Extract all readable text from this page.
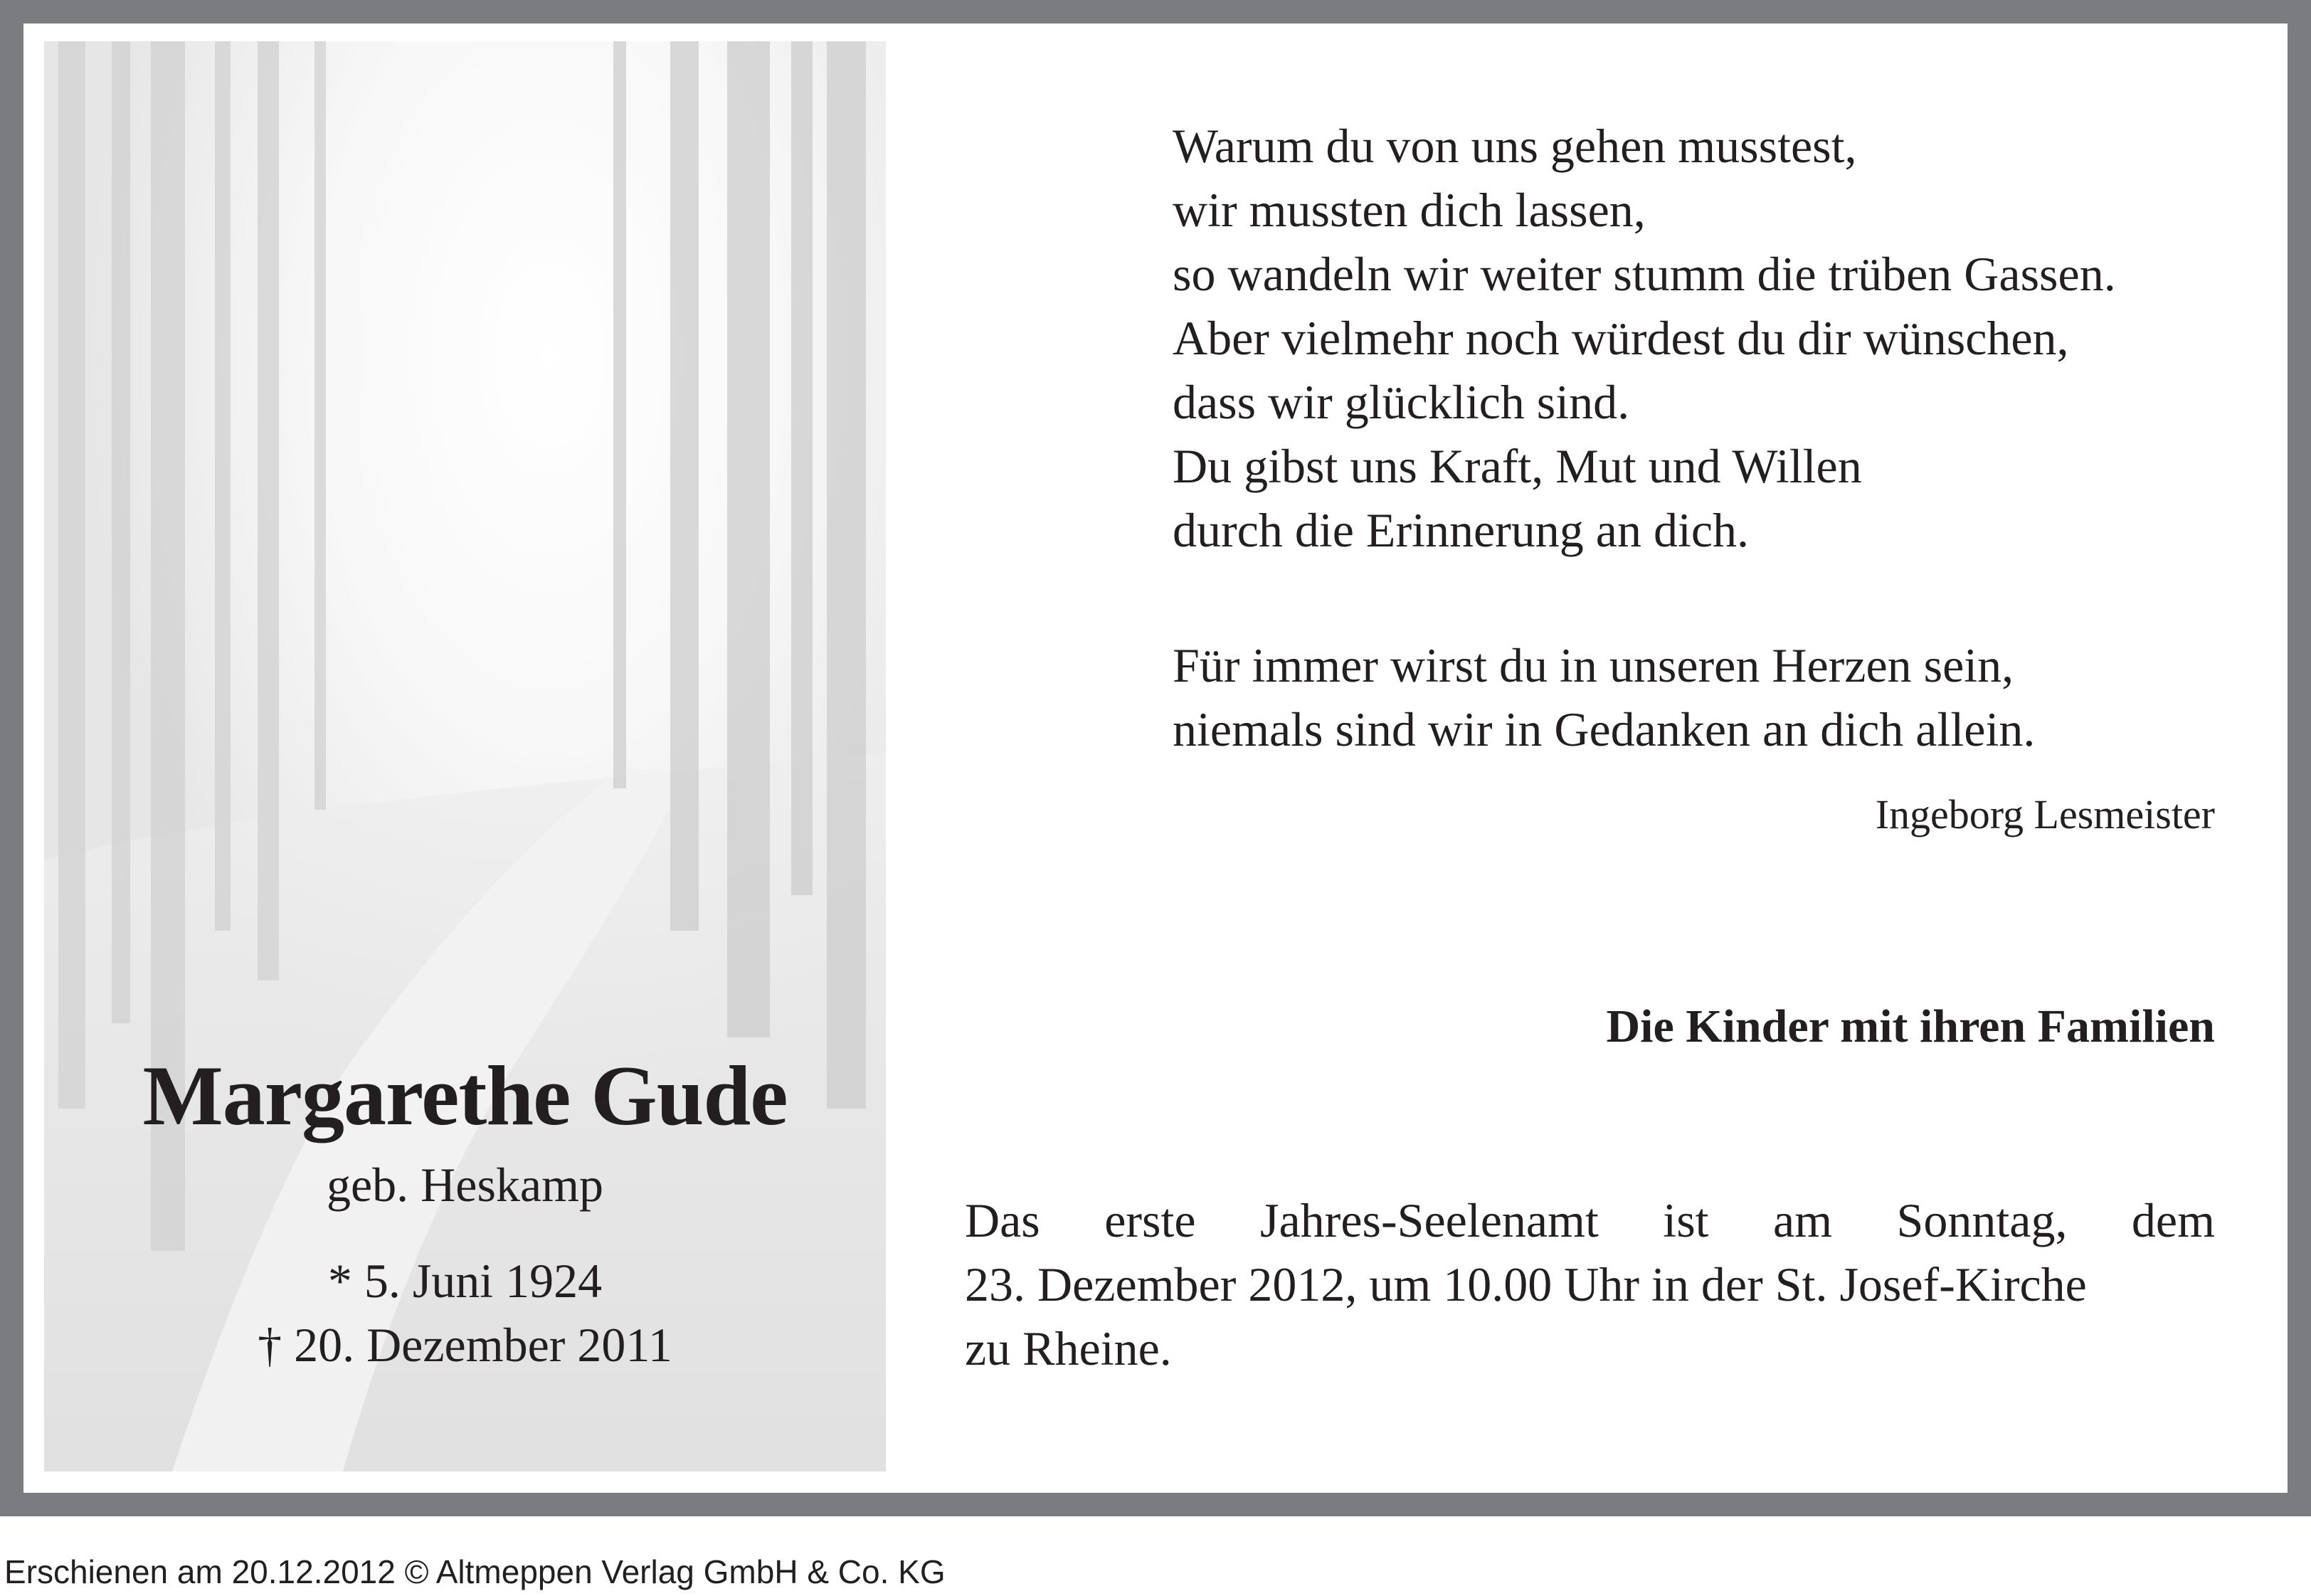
Margarethe Gude
geb. Heskamp
* 5. Juni 1924
† 20. Dezember 2011
Warum du von uns gehen musstest,
wir mussten dich lassen,
so wandeln wir weiter stumm die trüben Gassen.
Aber vielmehr noch würdest du dir wünschen,
dass wir glücklich sind.
Du gibst uns Kraft, Mut und Willen
durch die Erinnerung an dich.
Für immer wirst du in unseren Herzen sein,
niemals sind wir in Gedanken an dich allein.
Ingeborg Lesmeister
Die Kinder mit ihren Familien
Das erste Jahres-Seelenamt ist am Sonntag, dem
23. Dezember 2012, um 10.00 Uhr in der St. Josef-Kirche
zu Rheine.
Erschienen am 20.12.2012 © Altmeppen Verlag GmbH & Co. KG
